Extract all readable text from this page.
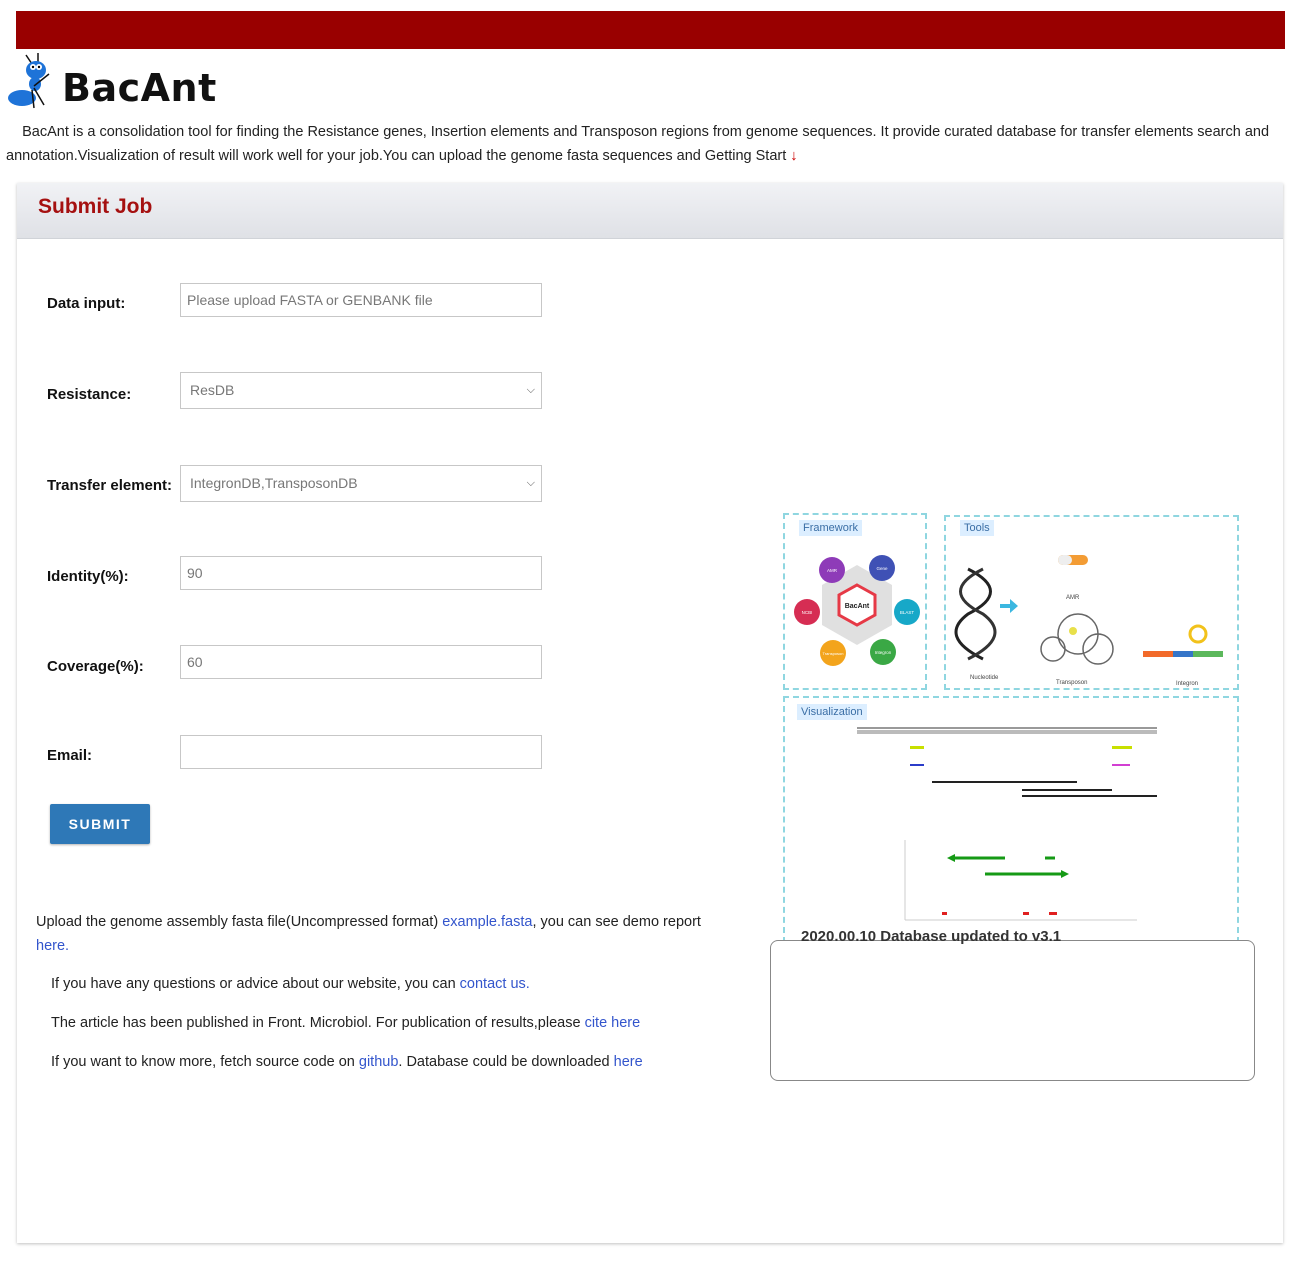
BacAnt
BacAnt is a consolidation tool for finding the Resistance genes, Insertion elements and Transposon regions from genome sequences. It provide curated database for transfer elements search and annotation.Visualization of result will work well for your job.You can upload the genome fasta sequences and Getting Start ↓
Submit Job
Data input:	Please upload FASTA or GENBANK file
Resistance:	ResDB	⌵
Transfer element:	IntegronDB,TransposonDB	⌵
Identity(%):	90
Coverage(%):	60
Email:
SUBMIT
Upload the genome assembly fasta file(Uncompressed format) example.fasta, you can see demo report here.
If you have any questions or advice about our website, you can contact us.
The article has been published in Front. Microbiol. For publication of results,please cite here
If you want to know more, fetch source code on github. Database could be downloaded here
Framework
BacAnt
AMR	Gene
BLAST
Integron
Transposon
NCBI
Tools
Nucleotide
AMR
Transposon	Integron
Visualization
2020.00.10 Database updated to v3.1
